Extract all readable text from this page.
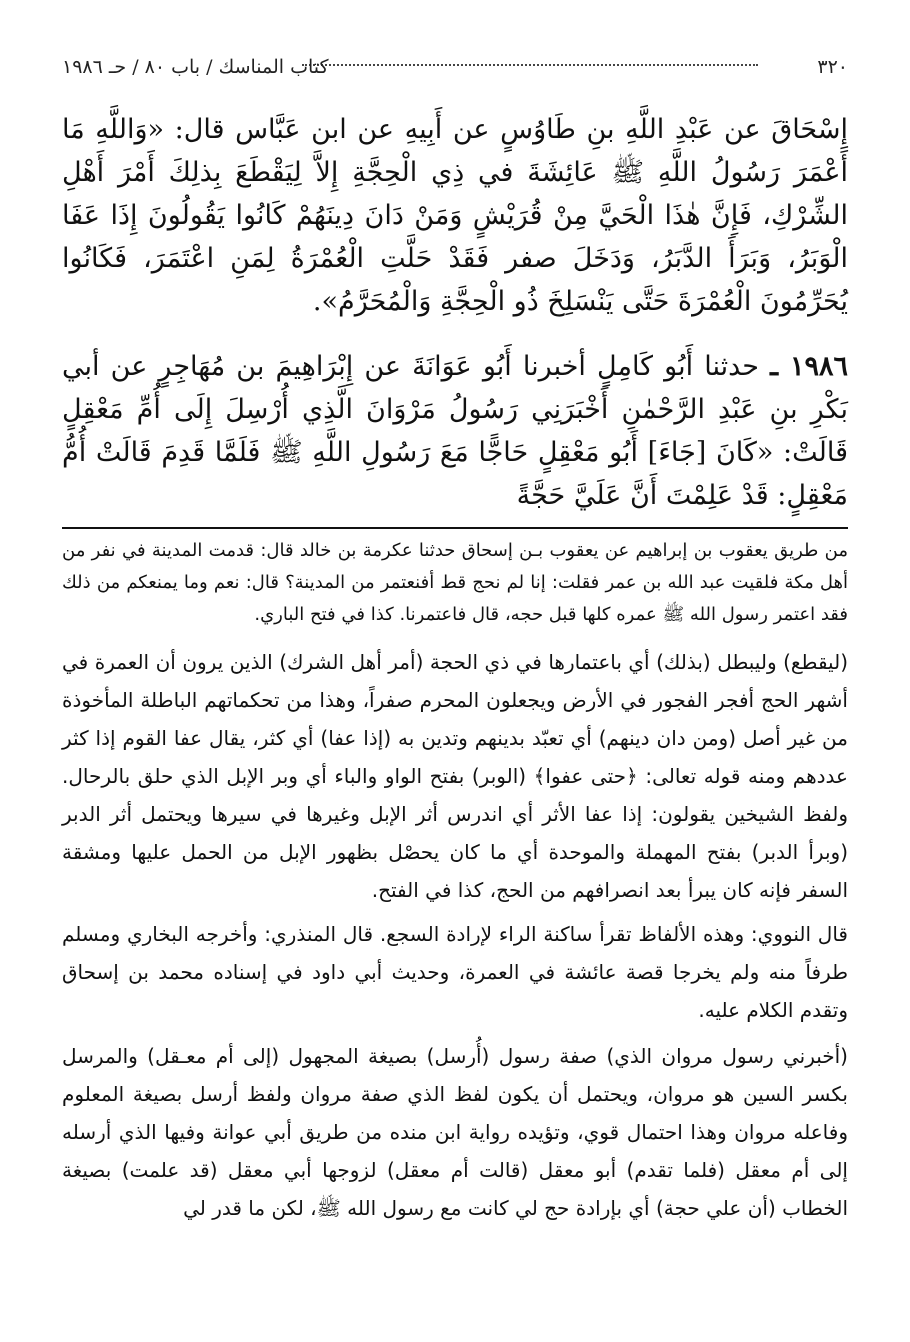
٣٢٠
كتاب المناسك / باب ٨٠ / حـ ١٩٨٦

إِسْحَاقَ عن عَبْدِ اللَّهِ بنِ طَاوُسٍ عن أَبِيهِ عن ابن عَبَّاس قال: «وَاللَّهِ مَا أَعْمَرَ رَسُولُ اللَّهِ ﷺ عَائِشَةَ في ذِي الْحِجَّةِ إِلاَّ لِيَقْطَعَ بِذلِكَ أَمْرَ أَهْلِ الشِّرْكِ، فَإِنَّ هٰذَا الْحَيَّ مِنْ قُرَيْشٍ وَمَنْ دَانَ دِينَهُمْ كَانُوا يَقُولُونَ إِذَا عَفَا الْوَبَرُ، وَبَرَأَ الدَّبَرُ، وَدَخَلَ صفر فَقَدْ حَلَّتِ الْعُمْرَةُ لِمَنِ اعْتَمَرَ، فَكَانُوا يُحَرِّمُونَ الْعُمْرَةَ حَتَّى يَنْسَلِخَ ذُو الْحِجَّةِ وَالْمُحَرَّمُ».

١٩٨٦ ـ حدثنا أَبُو كَامِلٍ أخبرنا أَبُو عَوَانَةَ عن إِبْرَاهِيمَ بن مُهَاجِرٍ عن أبي بَكْرِ بنِ عَبْدِ الرَّحْمٰنِ أَخْبَرَنِي رَسُولُ مَرْوَانَ الَّذِي أُرْسِلَ إِلَى أُمِّ مَعْقِلٍ قَالَتْ: «كَانَ [جَاءَ] أَبُو مَعْقِلٍ حَاجًّا مَعَ رَسُولِ اللَّهِ ﷺ فَلَمَّا قَدِمَ قَالَتْ أُمُّ مَعْقِلٍ: قَدْ عَلِمْتَ أَنَّ عَلَيَّ حَجَّةً

من طريق يعقوب بن إبراهيم عن يعقوب بـن إسحاق حدثنا عكرمة بن خالد قال: قدمت المدينة في نفر من أهل مكة فلقيت عبد الله بن عمر فقلت: إنا لم نحج قط أفنعتمر من المدينة؟ قال: نعم وما يمنعكم من ذلك فقد اعتمر رسول الله ﷺ عمره كلها قبل حجه، قال فاعتمرنا. كذا في فتح الباري.

(ليقطع) وليبطل (بذلك) أي باعتمارها في ذي الحجة (أمر أهل الشرك) الذين يرون أن العمرة في أشهر الحج أفجر الفجور في الأرض ويجعلون المحرم صفراً، وهذا من تحكماتهم الباطلة المأخوذة من غير أصل (ومن دان دينهم) أي تعبّد بدينهم وتدين به (إذا عفا) أي كثر، يقال عفا القوم إذا كثر عددهم ومنه قوله تعالى: ﴿حتى عفوا﴾ (الوبر) بفتح الواو والباء أي وبر الإبل الذي حلق بالرحال. ولفظ الشيخين يقولون: إذا عفا الأثر أي اندرس أثر الإبل وغيرها في سيرها ويحتمل أثر الدبر (وبرأ الدبر) بفتح المهملة والموحدة أي ما كان يحصْل بظهور الإبل من الحمل عليها ومشقة السفر فإنه كان يبرأ بعد انصرافهم من الحج، كذا في الفتح.

قال النووي: وهذه الألفاظ تقرأ ساكنة الراء لإرادة السجع. قال المنذري: وأخرجه البخاري ومسلم طرفاً منه ولم يخرجا قصة عائشة في العمرة، وحديث أبي داود في إسناده محمد بن إسحاق وتقدم الكلام عليه.

(أخبرني رسول مروان الذي) صفة رسول (أُرسل) بصيغة المجهول (إلى أم معـقل) والمرسل بكسر السين هو مروان، ويحتمل أن يكون لفظ الذي صفة مروان ولفظ أرسل بصيغة المعلوم وفاعله مروان وهذا احتمال قوي، وتؤيده رواية ابن منده من طريق أبي عوانة وفيها الذي أرسله إلى أم معقل (فلما تقدم) أبو معقل (قالت أم معقل) لزوجها أبي معقل (قد علمت) بصيغة الخطاب (أن علي حجة) أي بإرادة حج لي كانت مع رسول الله ﷺ، لكن ما قدر لي
